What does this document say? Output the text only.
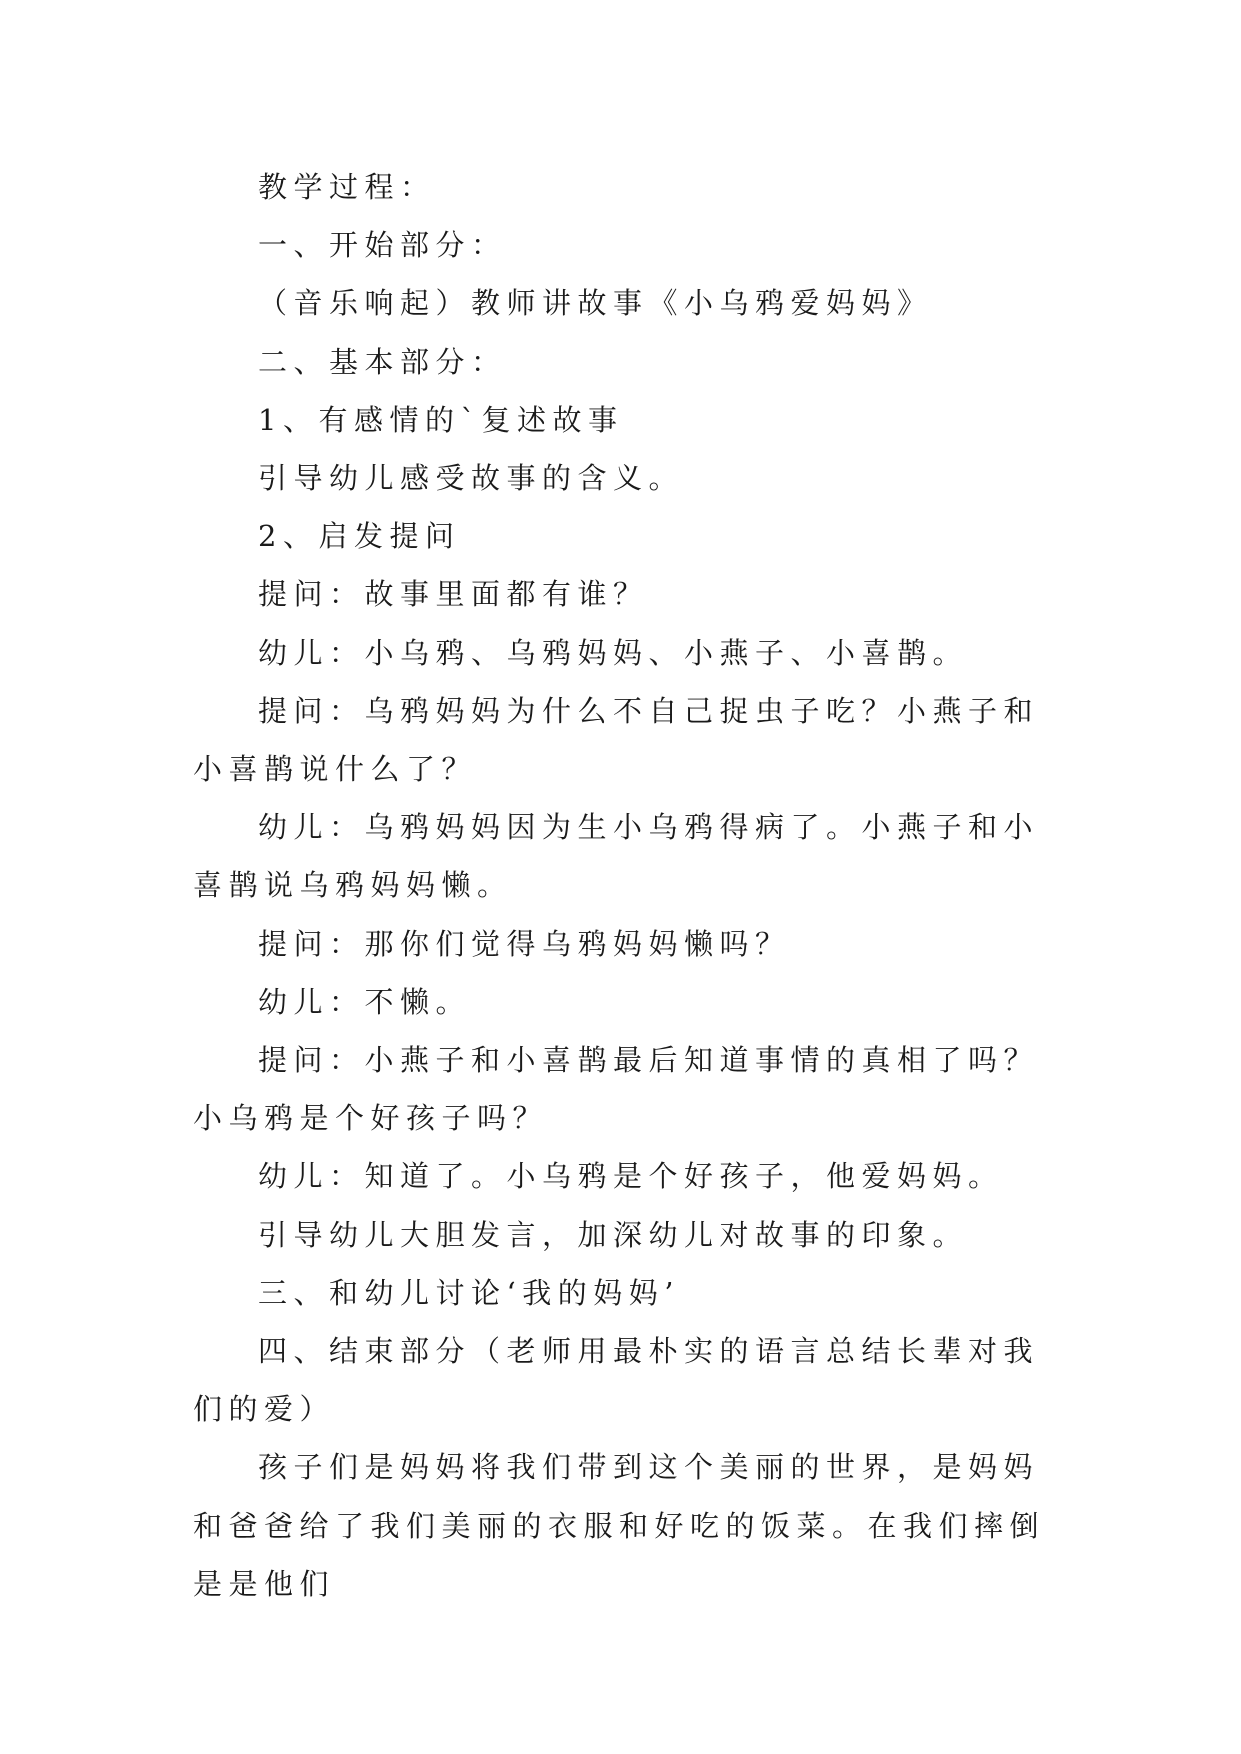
教学过程：

一、开始部分：

（音乐响起）教师讲故事《小乌鸦爱妈妈》

二、基本部分：

1、有感情的`复述故事

引导幼儿感受故事的含义。

2、启发提问

提问：故事里面都有谁？

幼儿：小乌鸦、乌鸦妈妈、小燕子、小喜鹊。

提问：乌鸦妈妈为什么不自己捉虫子吃？小燕子和小喜鹊说什么了？

幼儿：乌鸦妈妈因为生小乌鸦得病了。小燕子和小喜鹊说乌鸦妈妈懒。

提问：那你们觉得乌鸦妈妈懒吗？

幼儿：不懒。

提问：小燕子和小喜鹊最后知道事情的真相了吗？小乌鸦是个好孩子吗？

幼儿：知道了。小乌鸦是个好孩子，他爱妈妈。

引导幼儿大胆发言，加深幼儿对故事的印象。

三、和幼儿讨论‘我的妈妈’

四、结束部分（老师用最朴实的语言总结长辈对我们的爱）

孩子们是妈妈将我们带到这个美丽的世界，是妈妈和爸爸给了我们美丽的衣服和好吃的饭菜。在我们摔倒是是他们
